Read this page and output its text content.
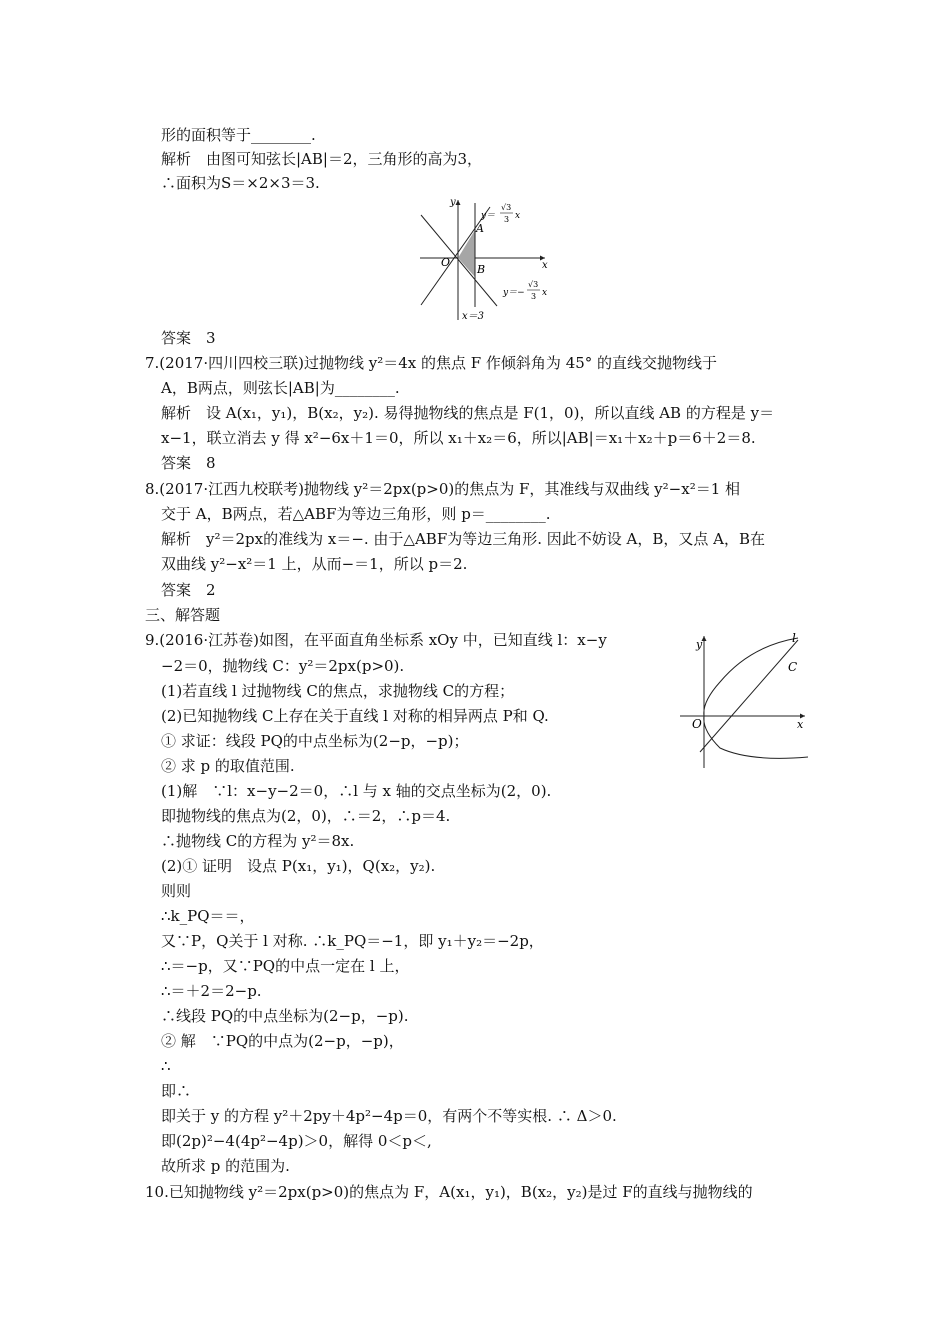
形的面积等于________.
解析　由图可知弦长|AB|＝2，三角形的高为3，
∴面积为S＝×2×3＝3.
y
x
O
A
B
y＝
√3
3 x
y＝−
√3
3 x
x＝3
答案　3
7.(2017·四川四校三联)过抛物线 y²＝4x 的焦点 F 作倾斜角为 45° 的直线交抛物线于
A，B两点，则弦长|AB|为________.
解析　设 A(x₁，y₁)，B(x₂，y₂). 易得抛物线的焦点是 F(1，0)，所以直线 AB 的方程是 y＝
x−1，联立消去 y 得 x²−6x＋1＝0，所以 x₁＋x₂＝6，所以|AB|＝x₁＋x₂＋p＝6＋2＝8.
答案　8
8.(2017·江西九校联考)抛物线 y²＝2px(p>0)的焦点为 F，其准线与双曲线 y²−x²＝1 相
交于 A，B两点，若△ABF为等边三角形，则 p＝________.
解析　y²＝2px的准线为 x＝−. 由于△ABF为等边三角形. 因此不妨设 A，B，又点 A，B在
双曲线 y²−x²＝1 上，从而−＝1，所以 p＝2.
答案　2
三、解答题
9.(2016·江苏卷)如图，在平面直角坐标系 xOy 中，已知直线 l：x−y
−2＝0，抛物线 C：y²＝2px(p>0).
(1)若直线 l 过抛物线 C的焦点，求抛物线 C的方程；
(2)已知抛物线 C上存在关于直线 l 对称的相异两点 P和 Q.
① 求证：线段 PQ的中点坐标为(2−p，−p)；
② 求 p 的取值范围.
(1)解　∵l：x−y−2＝0，∴l 与 x 轴的交点坐标为(2，0).
即抛物线的焦点为(2，0)，∴＝2，∴p＝4.
∴抛物线 C的方程为 y²＝8x.
(2)① 证明　设点 P(x₁，y₁)，Q(x₂，y₂).
则则
∴k_PQ＝＝，
又∵P，Q关于 l 对称. ∴k_PQ＝−1，即 y₁＋y₂＝−2p，
∴＝−p，又∵PQ的中点一定在 l 上，
∴＝＋2＝2−p.
∴线段 PQ的中点坐标为(2−p，−p).
② 解　∵PQ的中点为(2−p，−p)，
∴
即∴
即关于 y 的方程 y²＋2py＋4p²−4p＝0，有两个不等实根. ∴ Δ＞0.
即(2p)²−4(4p²−4p)＞0，解得 0＜p＜,
故所求 p 的范围为.
y
x
O
l
C
10.已知抛物线 y²＝2px(p>0)的焦点为 F，A(x₁，y₁)，B(x₂，y₂)是过 F的直线与抛物线的
